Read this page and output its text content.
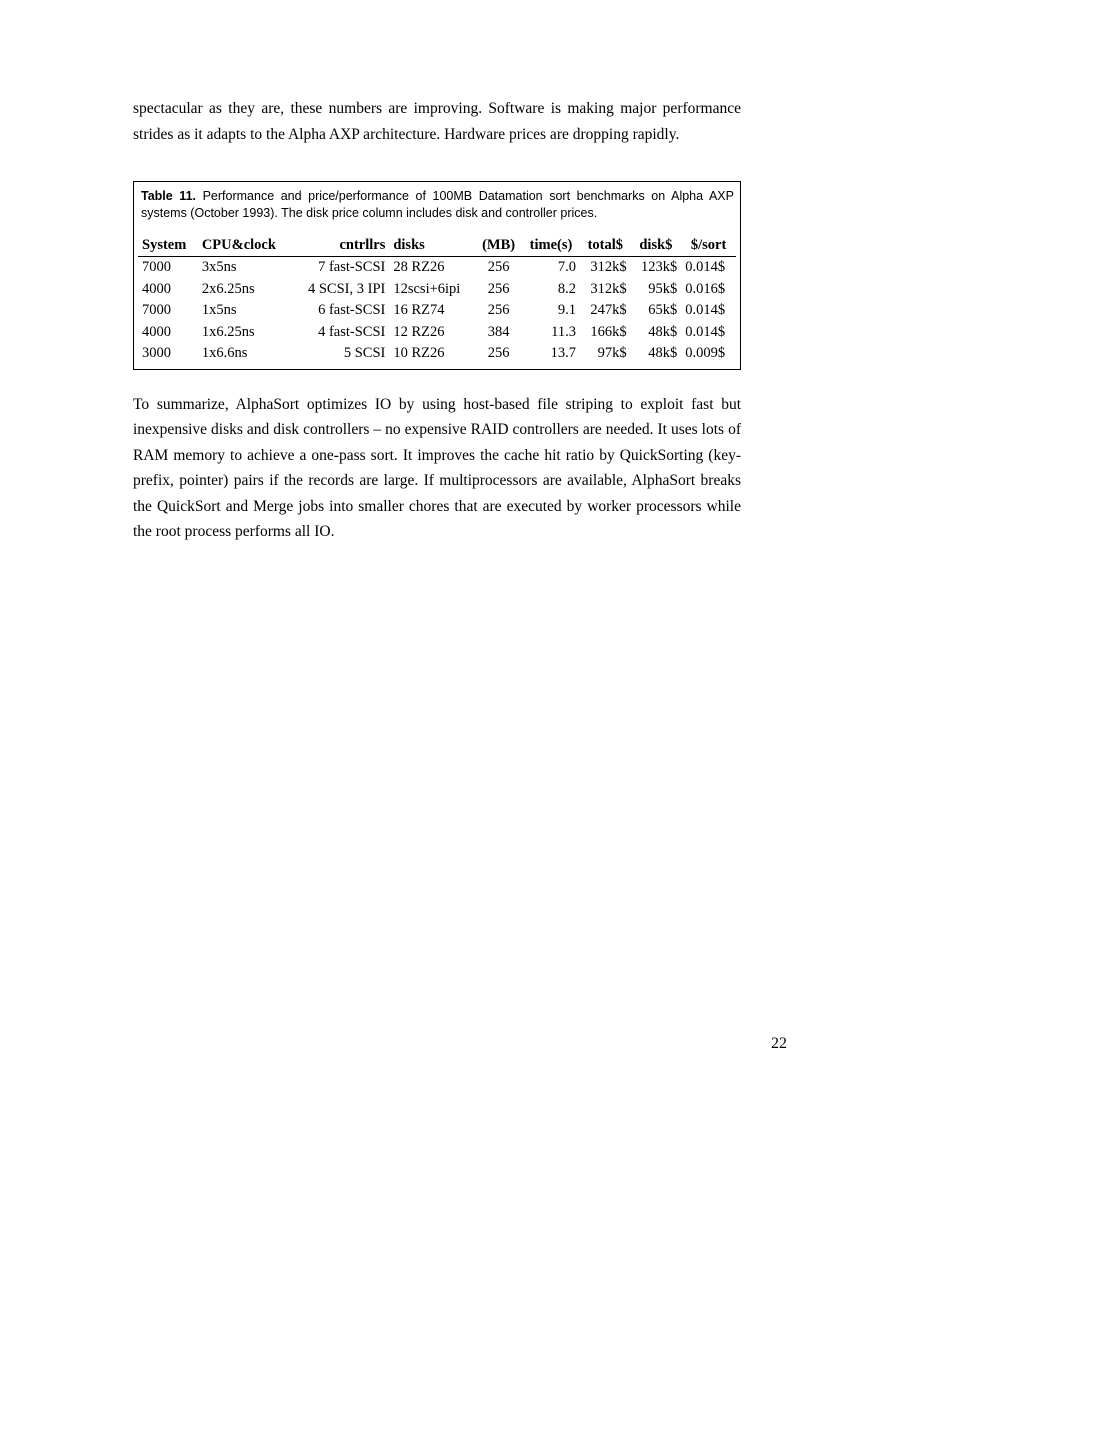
spectacular as they are, these numbers are improving. Software is making major performance strides as it adapts to the Alpha AXP architecture. Hardware prices are dropping rapidly.

Table 11. Performance and price/performance of 100MB Datamation sort benchmarks on Alpha AXP systems (October 1993). The disk price column includes disk and controller prices.
System	CPU&clock	cntrllrs	disks	(MB)	time(s)	total$	disk$	$/sort
7000	3x5ns	7 fast-SCSI	28 RZ26	256	7.0	312k$	123k$	0.014$
4000	2x6.25ns	4 SCSI, 3 IPI	12scsi+6ipi	256	8.2	312k$	95k$	0.016$
7000	1x5ns	6 fast-SCSI	16 RZ74	256	9.1	247k$	65k$	0.014$
4000	1x6.25ns	4 fast-SCSI	12 RZ26	384	11.3	166k$	48k$	0.014$
3000	1x6.6ns	5 SCSI	10 RZ26	256	13.7	97k$	48k$	0.009$

To summarize, AlphaSort optimizes IO by using host-based file striping to exploit fast but inexpensive disks and disk controllers – no expensive RAID controllers are needed. It uses lots of RAM memory to achieve a one-pass sort. It improves the cache hit ratio by QuickSorting (key-prefix, pointer) pairs if the records are large. If multiprocessors are available, AlphaSort breaks the QuickSort and Merge jobs into smaller chores that are executed by worker processors while the root process performs all IO.

22
